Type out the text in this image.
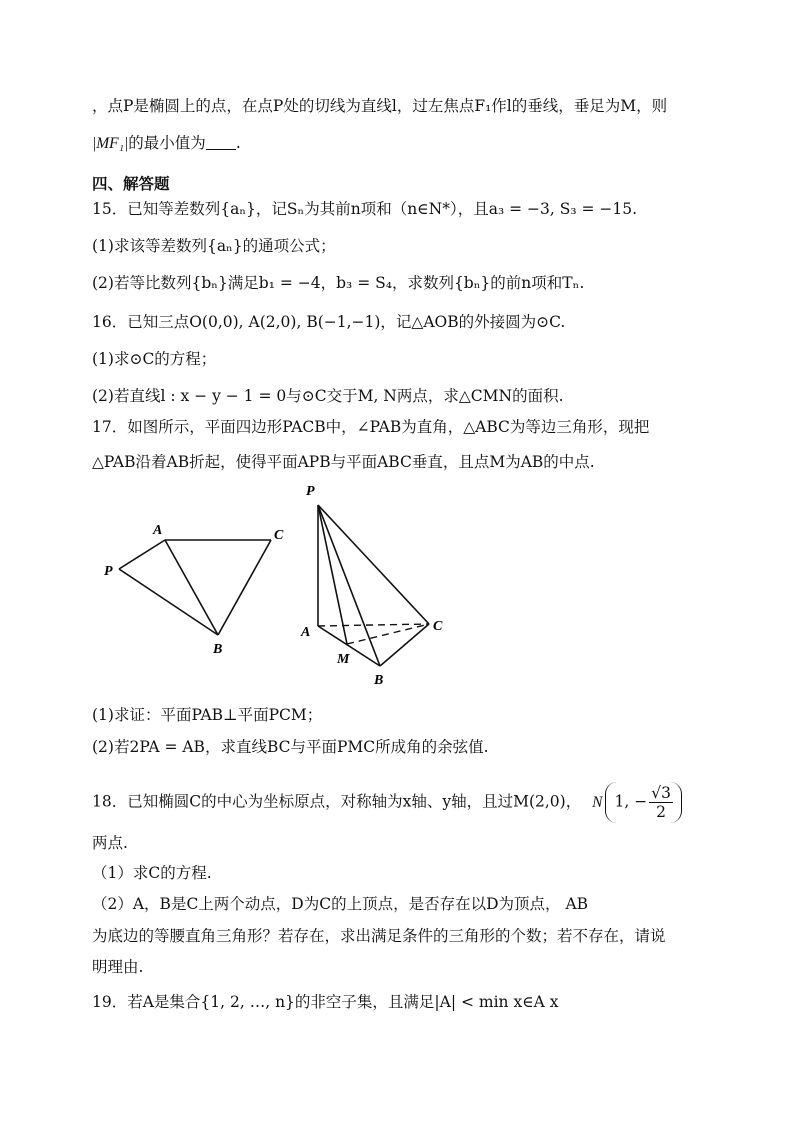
，点P是椭圆上的点，在点P处的切线为直线l，过左焦点F₁作l的垂线，垂足为M，则
|MF₁|的最小值为 .
四、解答题
15．已知等差数列{aₙ}，记Sₙ为其前n项和（n∈N*），且a₃ = −3, S₃ = −15.
(1)求该等差数列{aₙ}的通项公式；
(2)若等比数列{bₙ}满足b₁ = −4，b₃ = S₄，求数列{bₙ}的前n项和Tₙ.
16．已知三点O(0,0), A(2,0), B(−1,−1)，记△AOB的外接圆为⊙C.
(1)求⊙C的方程；
(2)若直线l : x − y − 1 = 0与⊙C交于M, N两点，求△CMN的面积.
17．如图所示，平面四边形PACB中，∠PAB为直角，△ABC为等边三角形，现把
△PAB沿着AB折起，使得平面APB与平面ABC垂直，且点M为AB的中点.
A	C
P
B
P
A	C
M
B
(1)求证：平面PAB⊥平面PCM；
(2)若2PA = AB，求直线BC与平面PMC所成角的余弦值.
18．已知椭圆C的中心为坐标原点，对称轴为x轴、y轴，且过M(2,0)， N 1, − $\frac{√3}{2}$
两点.
（1）求C的方程.
（2）A，B是C上两个动点，D为C的上顶点，是否存在以D为顶点， AB
为底边的等腰直角三角形？若存在，求出满足条件的三角形的个数；若不存在，请说
明理由.
19．若A是集合{1, 2, …, n}的非空子集，且满足|A| < min x∈A x
